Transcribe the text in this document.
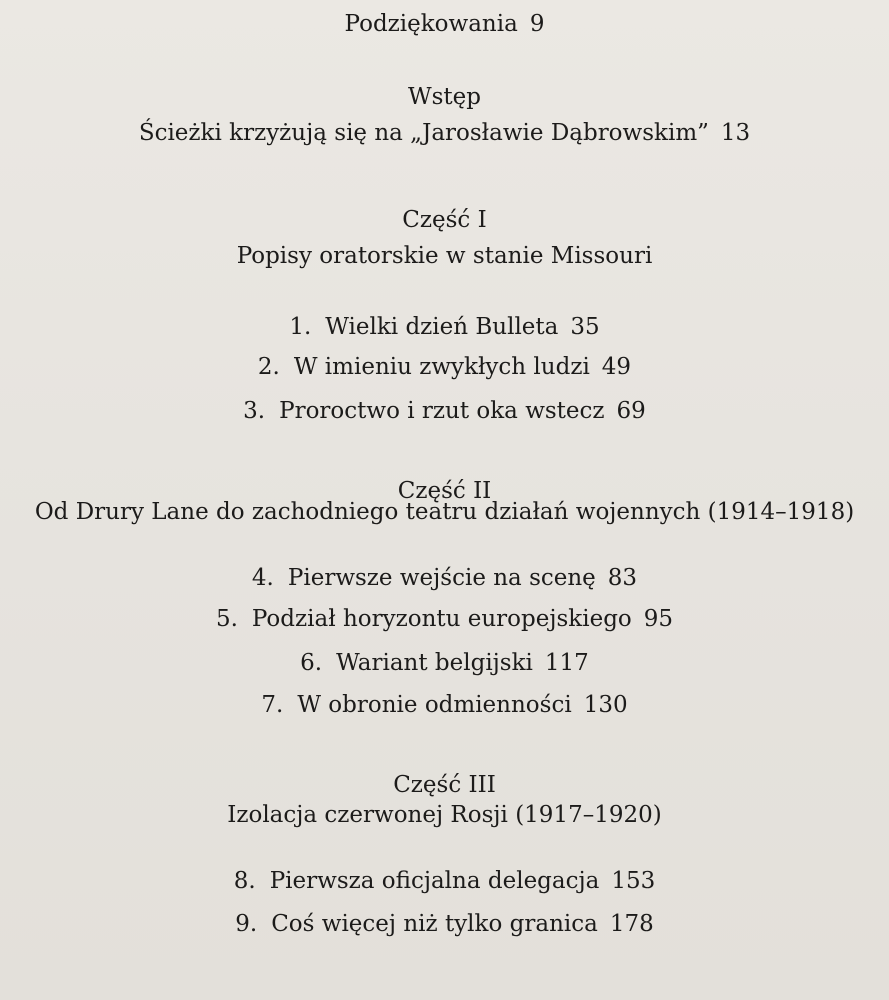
Podziękowania 9
Wstęp
Ścieżki krzyżują się na „Jarosławie Dąbrowskim” 13
Część I
Popisy oratorskie w stanie Missouri
1. Wielki dzień Bulleta 35
2. W imieniu zwykłych ludzi 49
3. Proroctwo i rzut oka wstecz 69
Część II
Od Drury Lane do zachodniego teatru działań wojennych (1914–1918)
4. Pierwsze wejście na scenę 83
5. Podział horyzontu europejskiego 95
6. Wariant belgijski 117
7. W obronie odmienności 130
Część III
Izolacja czerwonej Rosji (1917–1920)
8. Pierwsza oficjalna delegacja 153
9. Coś więcej niż tylko granica 178
